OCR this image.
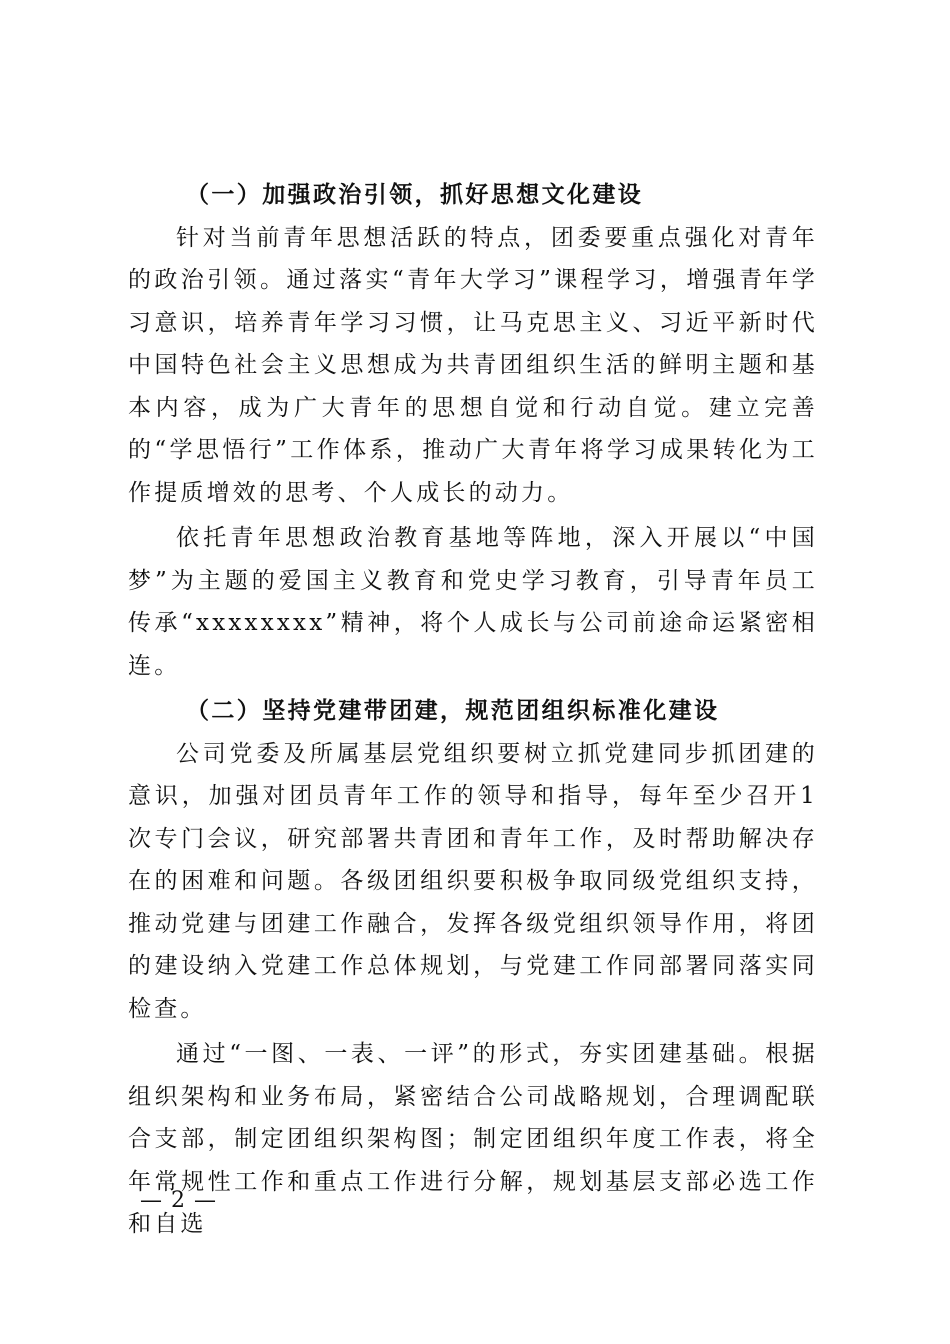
（一）加强政治引领，抓好思想文化建设

针对当前青年思想活跃的特点，团委要重点强化对青年的政治引领。通过落实“青年大学习”课程学习，增强青年学习意识，培养青年学习习惯，让马克思主义、习近平新时代中国特色社会主义思想成为共青团组织生活的鲜明主题和基本内容，成为广大青年的思想自觉和行动自觉。建立完善的“学思悟行”工作体系，推动广大青年将学习成果转化为工作提质增效的思考、个人成长的动力。

依托青年思想政治教育基地等阵地，深入开展以“中国梦”为主题的爱国主义教育和党史学习教育，引导青年员工传承“xxxxxxxx”精神，将个人成长与公司前途命运紧密相连。

（二）坚持党建带团建，规范团组织标准化建设

公司党委及所属基层党组织要树立抓党建同步抓团建的意识，加强对团员青年工作的领导和指导，每年至少召开1次专门会议，研究部署共青团和青年工作，及时帮助解决存在的困难和问题。各级团组织要积极争取同级党组织支持，推动党建与团建工作融合，发挥各级党组织领导作用，将团的建设纳入党建工作总体规划，与党建工作同部署同落实同检查。

通过“一图、一表、一评”的形式，夯实团建基础。根据组织架构和业务布局，紧密结合公司战略规划，合理调配联合支部，制定团组织架构图；制定团组织年度工作表，将全年常规性工作和重点工作进行分解，规划基层支部必选工作和自选

— 2 —
